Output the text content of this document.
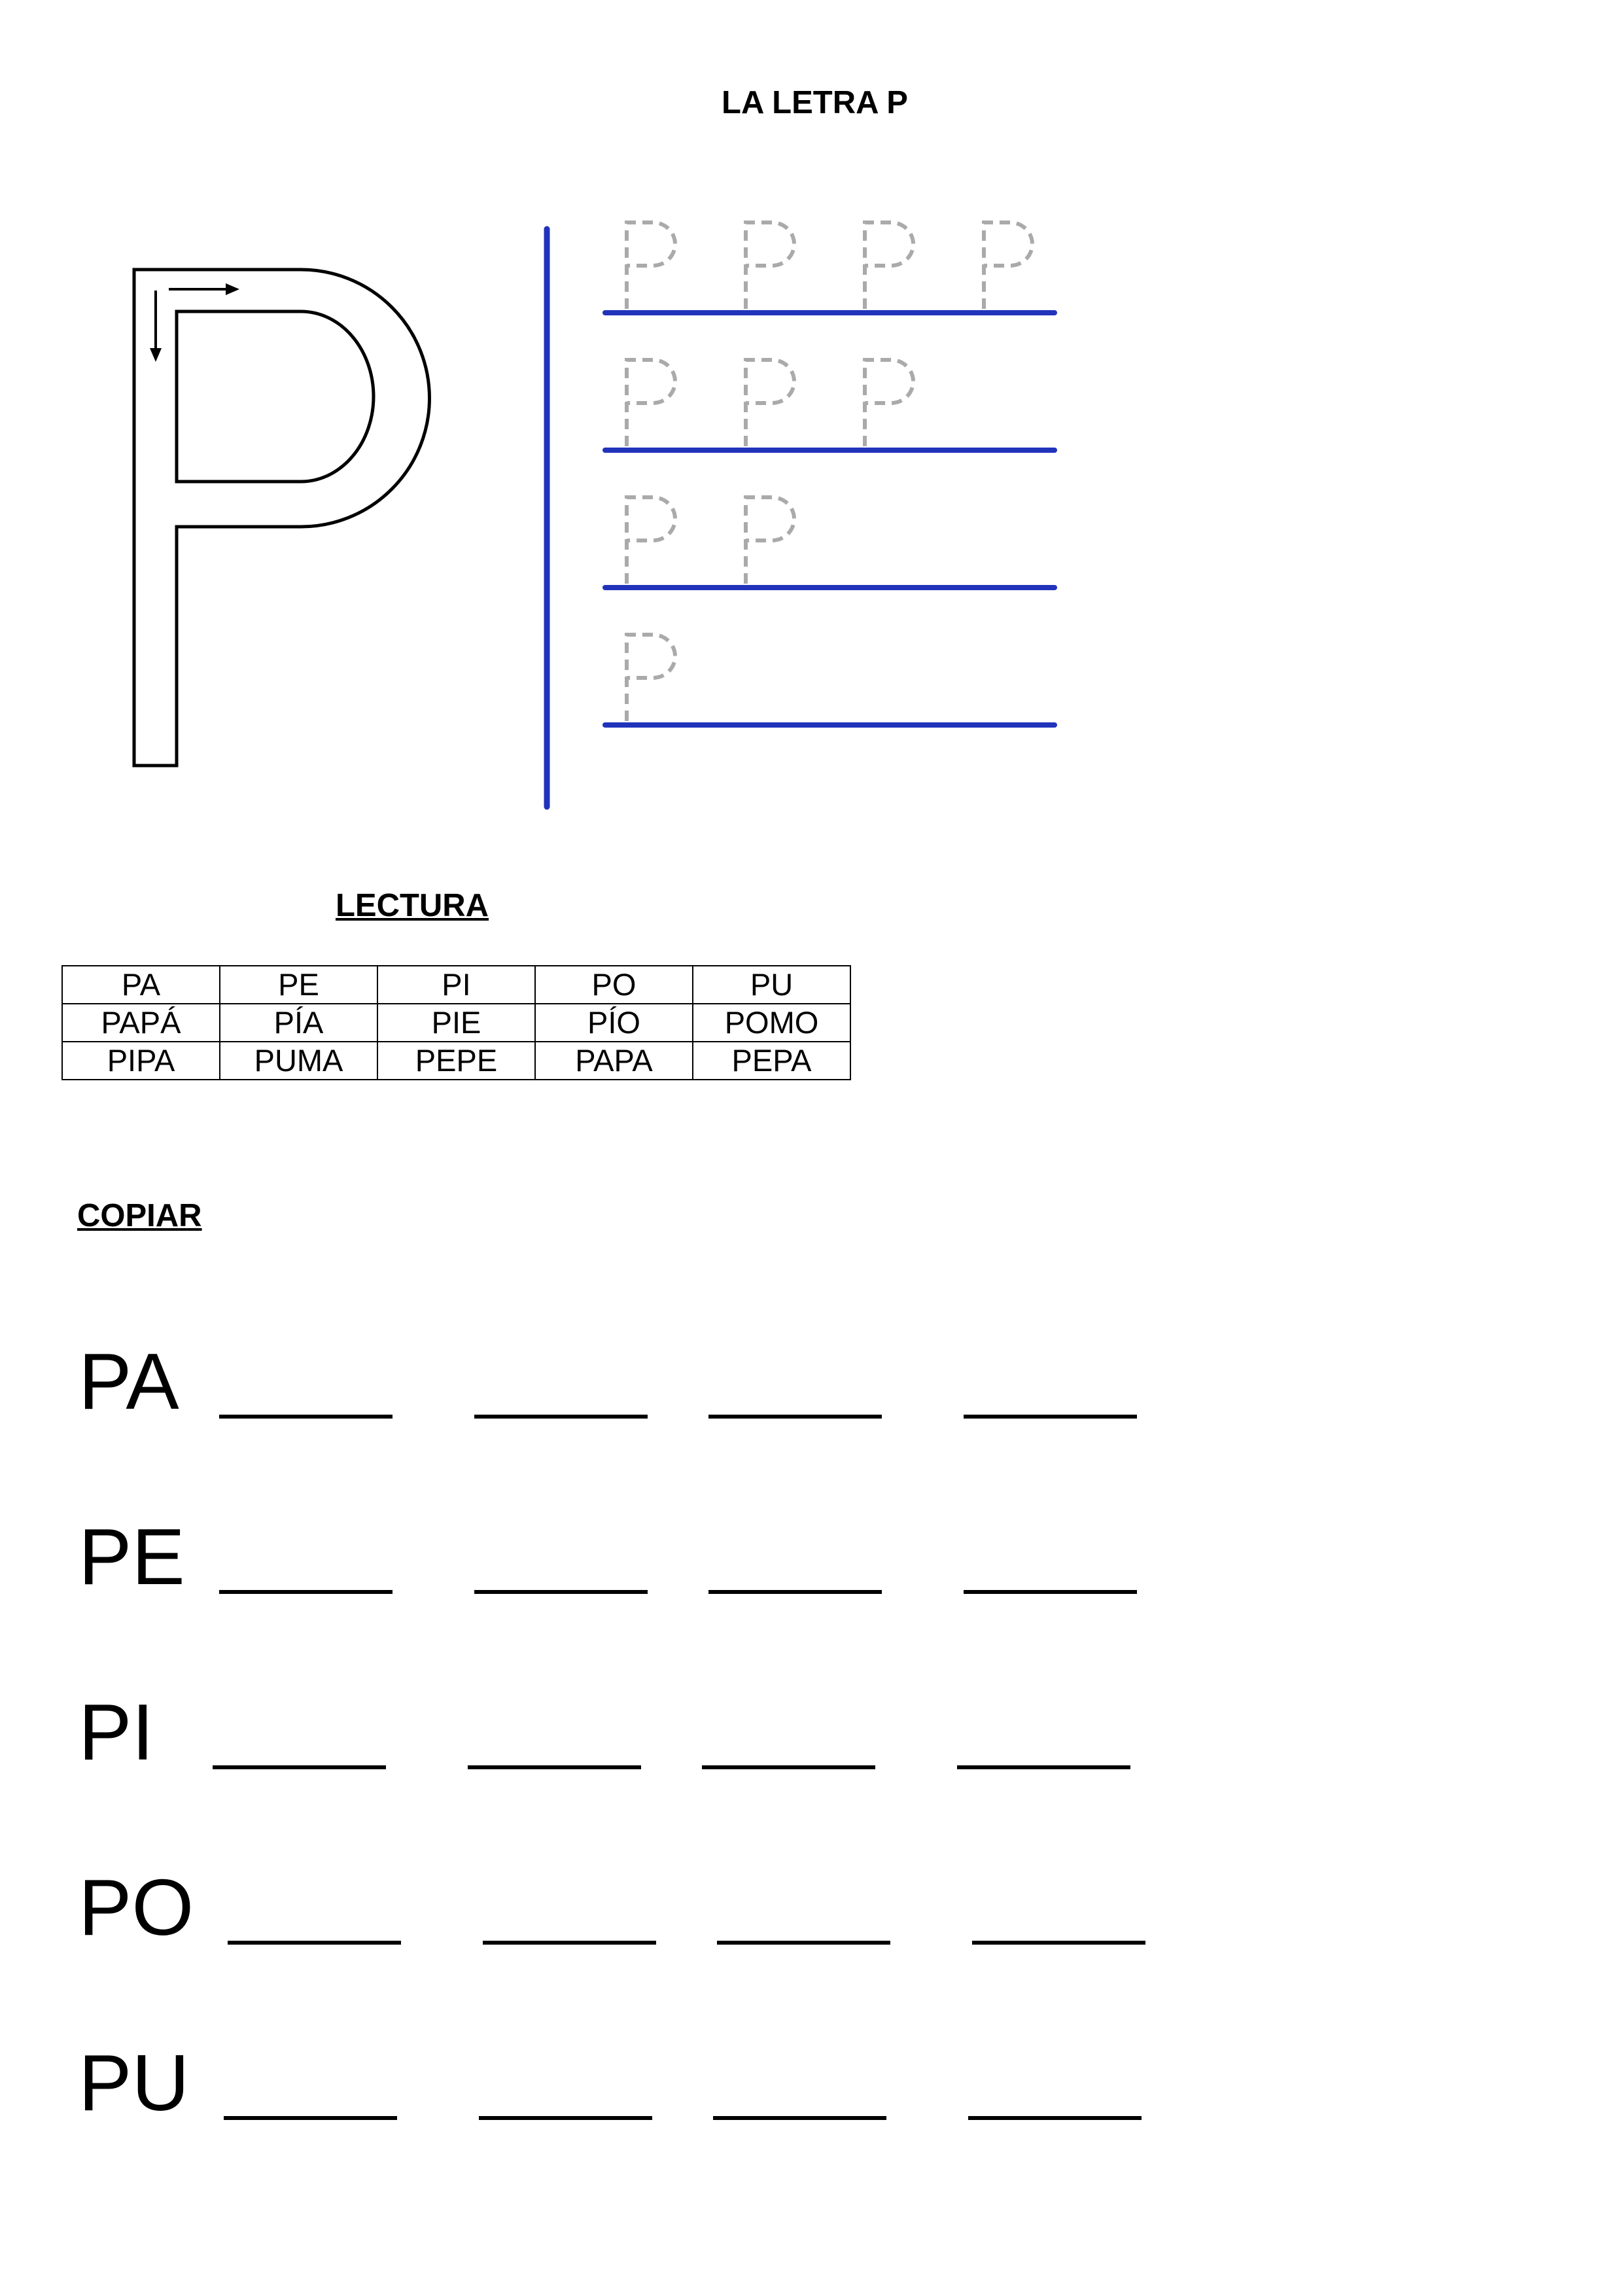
LA LETRA P
LECTURA
PA	PE	PI	PO	PU
PAPÁ	PÍA	PIE	PÍO	POMO
PIPA	PUMA	PEPE	PAPA	PEPA
COPIAR
PA
PE
PI
PO
PU
